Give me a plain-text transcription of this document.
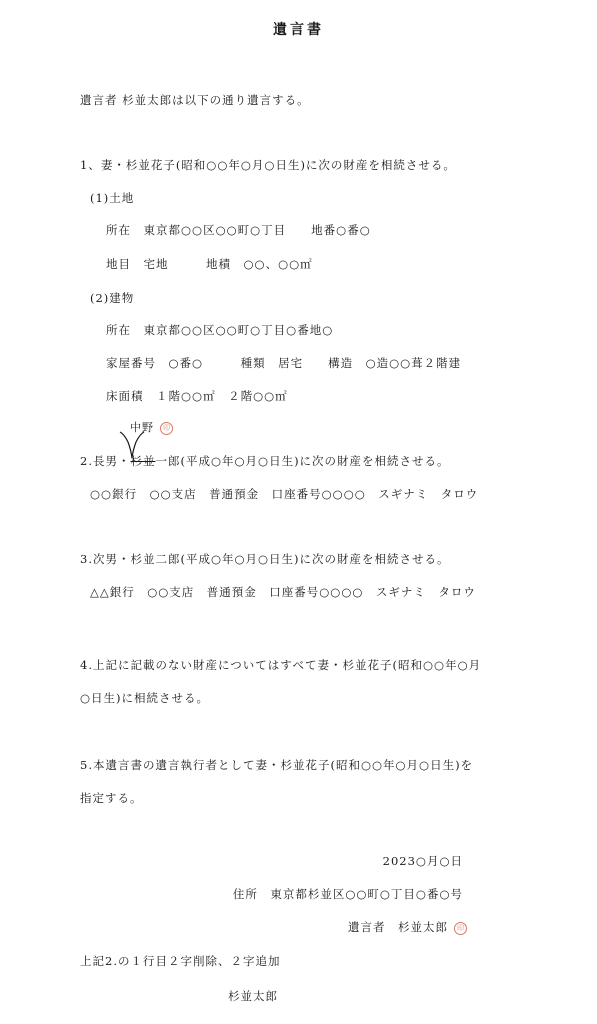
遺言書
遺言者 杉並太郎は以下の通り遺言する。
1、妻・杉並花子(昭和○○年○月○日生)に次の財産を相続させる。
(1)土地
所在　東京都○○区○○町○丁目　　地番○番○
地目　宅地　　　地積　○○、○○㎡
(2)建物
所在　東京都○○区○○町○丁目○番地○
家屋番号　○番○　　　種類　居宅　　構造　○造○○葺２階建
床面積　１階○○㎡　２階○○㎡
中野 印
2.長男・杉並一郎(平成○年○月○日生)に次の財産を相続させる。
○○銀行　○○支店　普通預金　口座番号○○○○　スギナミ　タロウ
3.次男・杉並二郎(平成○年○月○日生)に次の財産を相続させる。
△△銀行　○○支店　普通預金　口座番号○○○○　スギナミ　タロウ
4.上記に記載のない財産についてはすべて妻・杉並花子(昭和○○年○月
○日生)に相続させる。
5.本遺言書の遺言執行者として妻・杉並花子(昭和○○年○月○日生)を
指定する。
2023○月○日
住所　東京都杉並区○○町○丁目○番○号
遺言者　杉並太郎 印
上記2.の１行目２字削除、２字追加
杉並太郎
